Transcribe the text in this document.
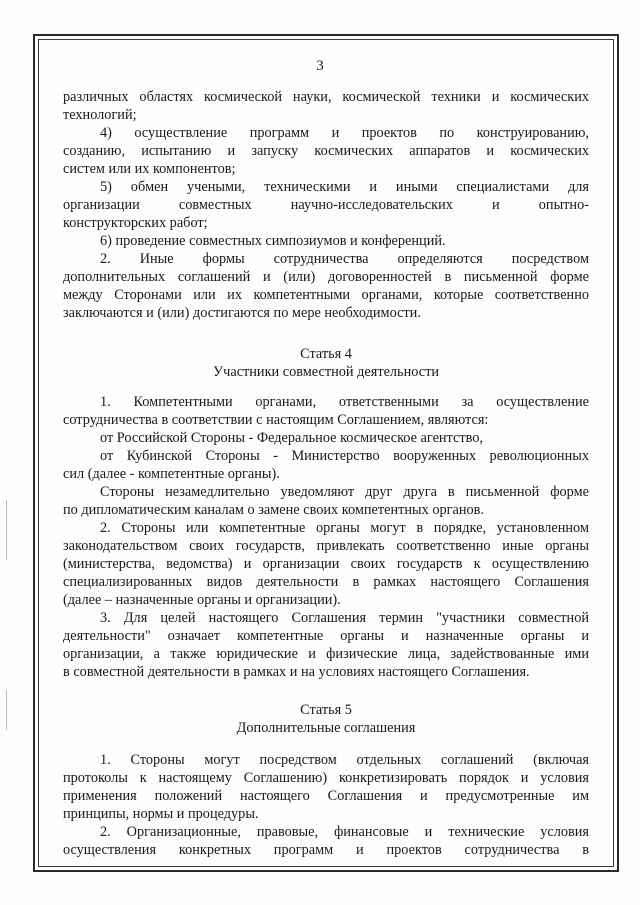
3
различных областях космической науки, космической техники и космических
технологий;
4) осуществление программ и проектов по конструированию,
созданию, испытанию и запуску космических аппаратов и космических
систем или их компонентов;
5) обмен учеными, техническими и иными специалистами для
организации совместных научно-исследовательских и опытно-
конструкторских работ;
6) проведение совместных симпозиумов и конференций.
2. Иные формы сотрудничества определяются посредством
дополнительных соглашений и (или) договоренностей в письменной форме
между Сторонами или их компетентными органами, которые соответственно
заключаются и (или) достигаются по мере необходимости.
Статья 4
Участники совместной деятельности
1. Компетентными органами, ответственными за осуществление
сотрудничества в соответствии с настоящим Соглашением, являются:
от Российской Стороны - Федеральное космическое агентство,
от Кубинской Стороны - Министерство вооруженных революционных
сил (далее - компетентные органы).
Стороны незамедлительно уведомляют друг друга в письменной форме
по дипломатическим каналам о замене своих компетентных органов.
2. Стороны или компетентные органы могут в порядке, установленном
законодательством своих государств, привлекать соответственно иные органы
(министерства, ведомства) и организации своих государств к осуществлению
специализированных видов деятельности в рамках настоящего Соглашения
(далее – назначенные органы и организации).
3. Для целей настоящего Соглашения термин "участники совместной
деятельности" означает компетентные органы и назначенные органы и
организации, а также юридические и физические лица, задействованные ими
в совместной деятельности в рамках и на условиях настоящего Соглашения.
Статья 5
Дополнительные соглашения
1. Стороны могут посредством отдельных соглашений (включая
протоколы к настоящему Соглашению) конкретизировать порядок и условия
применения положений настоящего Соглашения и предусмотренные им
принципы, нормы и процедуры.
2. Организационные, правовые, финансовые и технические условия
осуществления конкретных программ и проектов сотрудничества в
